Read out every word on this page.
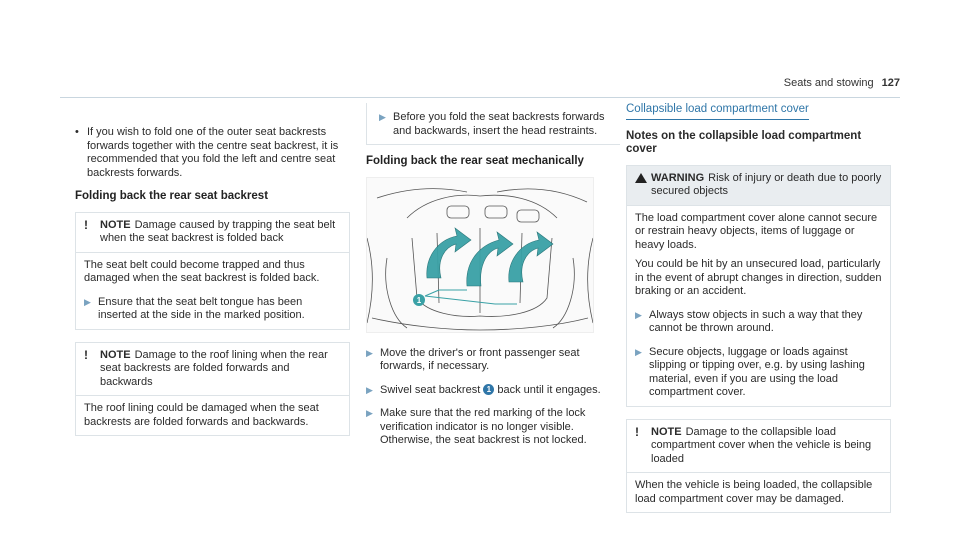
Seats and stowing 127
• If you wish to fold one of the outer seat backrests forwards together with the centre seat backrest, it is recommended that you fold the left and centre seat backrests forwards.
Folding back the rear seat backrest
!	NOTE Damage caused by trapping the seat belt when the seat backrest is folded back

The seat belt could become trapped and thus damaged when the seat backrest is folded back.

▶ Ensure that the seat belt tongue has been inserted at the side in the marked position.
!	NOTE Damage to the roof lining when the rear seat backrests are folded forwards and backwards

The roof lining could be damaged when the seat backrests are folded forwards and backwards.

▶ Before you fold the seat backrests forwards and backwards, insert the head restraints.
Folding back the rear seat mechanically
1
▶ Move the driver's or front passenger seat forwards, if necessary.
▶ Swivel seat backrest 1 back until it engages.
▶ Make sure that the red marking of the lock verification indicator is no longer visible. Otherwise, the seat backrest is not locked.
Collapsible load compartment cover
Notes on the collapsible load compartment cover
WARNING Risk of injury or death due to poorly secured objects

The load compartment cover alone cannot secure or restrain heavy objects, items of luggage or heavy loads.

You could be hit by an unsecured load, particularly in the event of abrupt changes in direction, sudden braking or an accident.

▶ Always stow objects in such a way that they cannot be thrown around.
▶ Secure objects, luggage or loads against slipping or tipping over, e.g. by using lashing material, even if you are using the load compartment cover.
!	NOTE Damage to the collapsible load compartment cover when the vehicle is being loaded

When the vehicle is being loaded, the collapsible load compartment cover may be damaged.
